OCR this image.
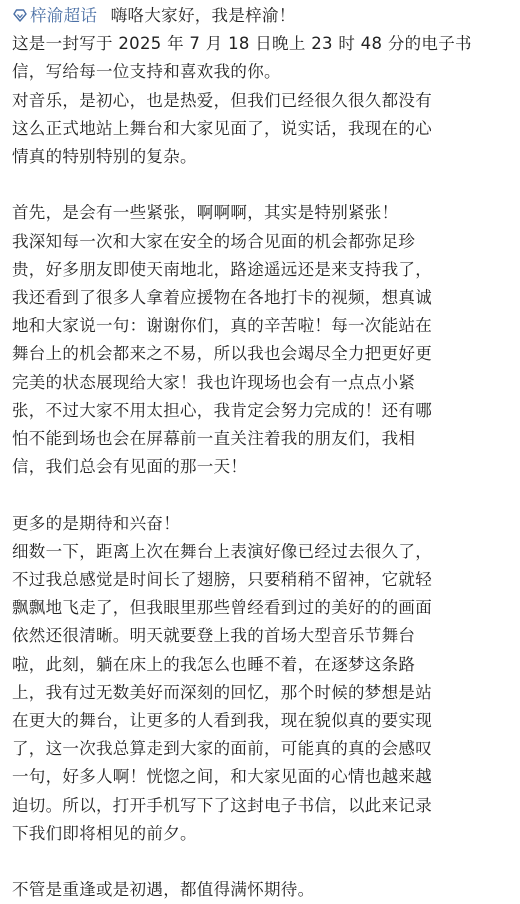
梓渝超话 嗨咯大家好，我是梓渝！
这是一封写于 2025 年 7 月 18 日晚上 23 时 48 分的电子书
信，写给每一位支持和喜欢我的你。
对音乐，是初心，也是热爱，但我们已经很久很久都没有
这么正式地站上舞台和大家见面了，说实话，我现在的心
情真的特别特别的复杂。
首先，是会有一些紧张，啊啊啊，其实是特别紧张！
我深知每一次和大家在安全的场合见面的机会都弥足珍
贵，好多朋友即使天南地北，路途遥远还是来支持我了，
我还看到了很多人拿着应援物在各地打卡的视频，想真诚
地和大家说一句：谢谢你们，真的辛苦啦！每一次能站在
舞台上的机会都来之不易，所以我也会竭尽全力把更好更
完美的状态展现给大家！我也许现场也会有一点点小紧
张，不过大家不用太担心，我肯定会努力完成的！还有哪
怕不能到场也会在屏幕前一直关注着我的朋友们，我相
信，我们总会有见面的那一天！
更多的是期待和兴奋！
细数一下，距离上次在舞台上表演好像已经过去很久了，
不过我总感觉是时间长了翅膀，只要稍稍不留神，它就轻
飘飘地飞走了，但我眼里那些曾经看到过的美好的的画面
依然还很清晰。明天就要登上我的首场大型音乐节舞台
啦，此刻，躺在床上的我怎么也睡不着，在逐梦这条路
上，我有过无数美好而深刻的回忆，那个时候的梦想是站
在更大的舞台，让更多的人看到我，现在貌似真的要实现
了，这一次我总算走到大家的面前，可能真的真的会感叹
一句，好多人啊！恍惚之间，和大家见面的心情也越来越
迫切。所以，打开手机写下了这封电子书信，以此来记录
下我们即将相见的前夕。
不管是重逢或是初遇，都值得满怀期待。
